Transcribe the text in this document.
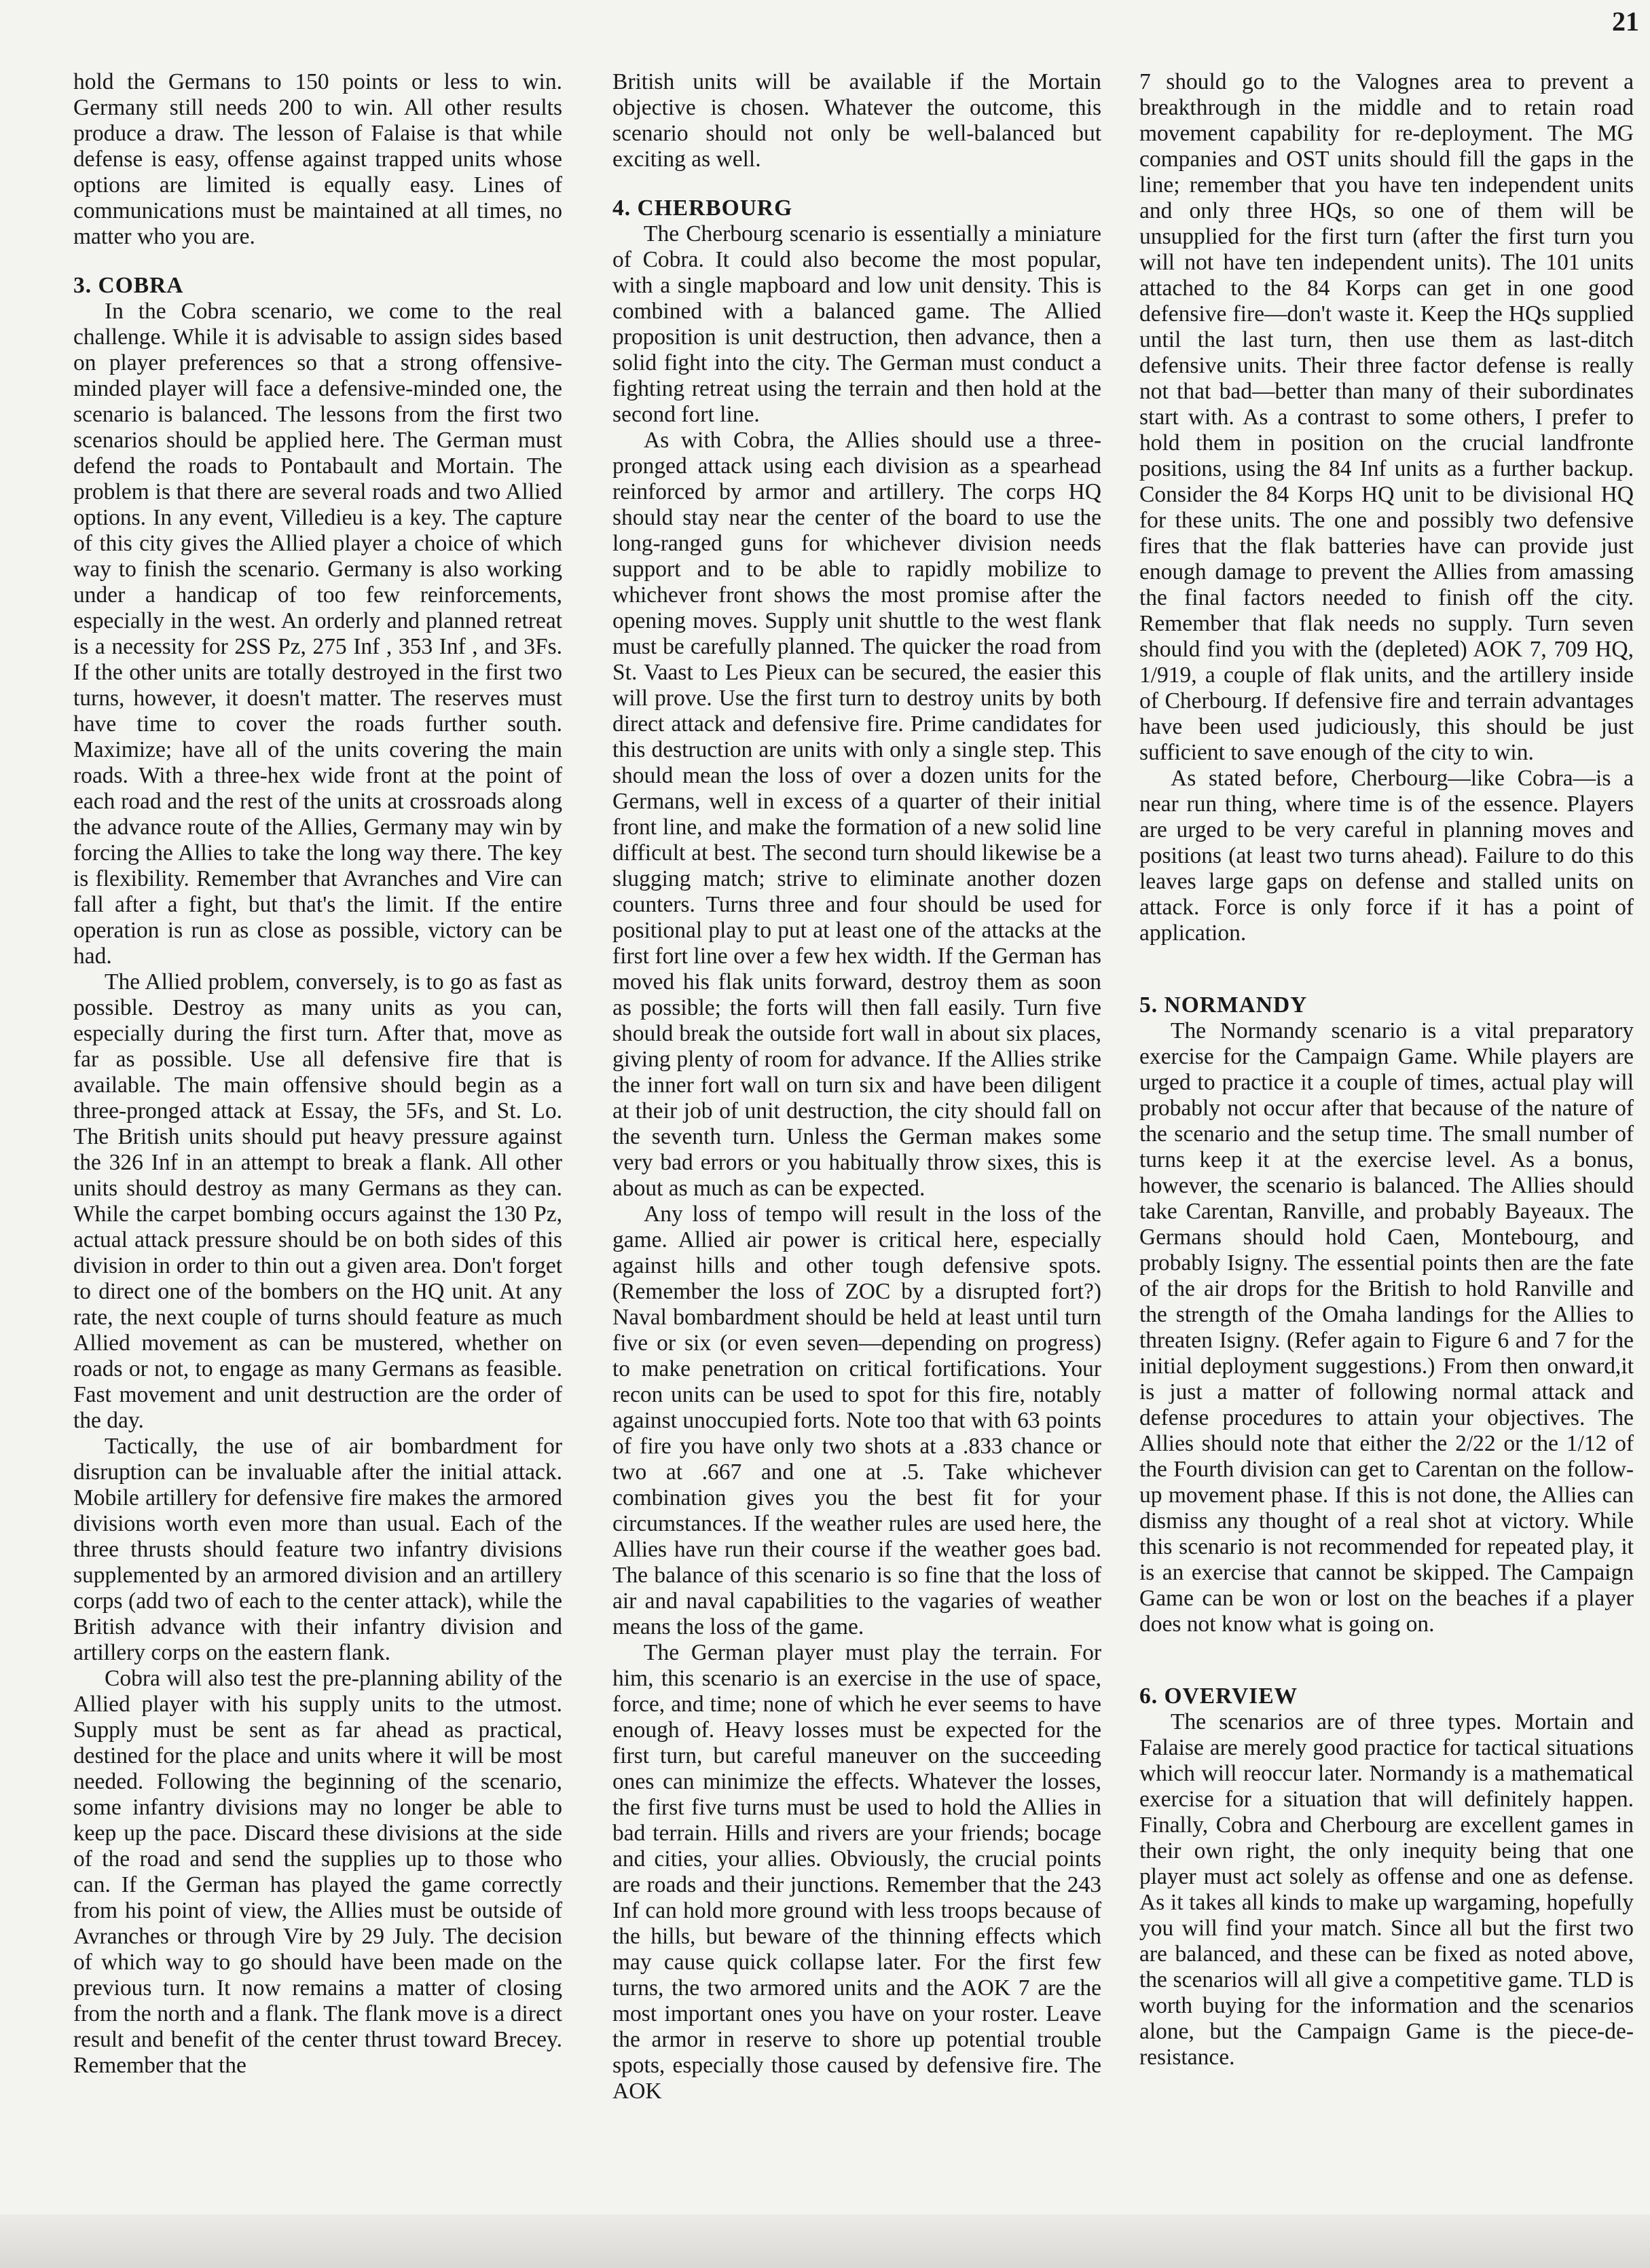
21

hold the Germans to 150 points or less to win. Germany still needs 200 to win. All other results produce a draw. The lesson of Falaise is that while defense is easy, offense against trapped units whose options are limited is equally easy. Lines of communications must be maintained at all times, no matter who you are.

3. COBRA

In the Cobra scenario, we come to the real challenge. While it is advisable to assign sides based on player preferences so that a strong offensive-minded player will face a defensive-minded one, the scenario is balanced. The lessons from the first two scenarios should be applied here. The German must defend the roads to Pontabault and Mortain. The problem is that there are several roads and two Allied options. In any event, Villedieu is a key. The capture of this city gives the Allied player a choice of which way to finish the scenario. Germany is also working under a handicap of too few reinforcements, especially in the west. An orderly and planned retreat is a necessity for 2SS Pz, 275 Inf , 353 Inf , and 3Fs. If the other units are totally destroyed in the first two turns, however, it doesn't matter. The reserves must have time to cover the roads further south. Maximize; have all of the units covering the main roads. With a three-hex wide front at the point of each road and the rest of the units at crossroads along the advance route of the Allies, Germany may win by forcing the Allies to take the long way there. The key is flexibility. Remember that Avranches and Vire can fall after a fight, but that's the limit. If the entire operation is run as close as possible, victory can be had.

The Allied problem, conversely, is to go as fast as possible. Destroy as many units as you can, especially during the first turn. After that, move as far as possible. Use all defensive fire that is available. The main offensive should begin as a three-pronged attack at Essay, the 5Fs, and St. Lo. The British units should put heavy pressure against the 326 Inf in an attempt to break a flank. All other units should destroy as many Germans as they can. While the carpet bombing occurs against the 130 Pz, actual attack pressure should be on both sides of this division in order to thin out a given area. Don't forget to direct one of the bombers on the HQ unit. At any rate, the next couple of turns should feature as much Allied movement as can be mustered, whether on roads or not, to engage as many Germans as feasible. Fast movement and unit destruction are the order of the day.

Tactically, the use of air bombardment for disruption can be invaluable after the initial attack. Mobile artillery for defensive fire makes the armored divisions worth even more than usual. Each of the three thrusts should feature two infantry divisions supplemented by an armored division and an artillery corps (add two of each to the center attack), while the British advance with their infantry division and artillery corps on the eastern flank.

Cobra will also test the pre-planning ability of the Allied player with his supply units to the utmost. Supply must be sent as far ahead as practical, destined for the place and units where it will be most needed. Following the beginning of the scenario, some infantry divisions may no longer be able to keep up the pace. Discard these divisions at the side of the road and send the supplies up to those who can. If the German has played the game correctly from his point of view, the Allies must be outside of Avranches or through Vire by 29 July. The decision of which way to go should have been made on the previous turn. It now remains a matter of closing from the north and a flank. The flank move is a direct result and benefit of the center thrust toward Brecey. Remember that the

British units will be available if the Mortain objective is chosen. Whatever the outcome, this scenario should not only be well-balanced but exciting as well.

4. CHERBOURG

The Cherbourg scenario is essentially a miniature of Cobra. It could also become the most popular, with a single mapboard and low unit density. This is combined with a balanced game. The Allied proposition is unit destruction, then advance, then a solid fight into the city. The German must conduct a fighting retreat using the terrain and then hold at the second fort line.

As with Cobra, the Allies should use a three-pronged attack using each division as a spearhead reinforced by armor and artillery. The corps HQ should stay near the center of the board to use the long-ranged guns for whichever division needs support and to be able to rapidly mobilize to whichever front shows the most promise after the opening moves. Supply unit shuttle to the west flank must be carefully planned. The quicker the road from St. Vaast to Les Pieux can be secured, the easier this will prove. Use the first turn to destroy units by both direct attack and defensive fire. Prime candidates for this destruction are units with only a single step. This should mean the loss of over a dozen units for the Germans, well in excess of a quarter of their initial front line, and make the formation of a new solid line difficult at best. The second turn should likewise be a slugging match; strive to eliminate another dozen counters. Turns three and four should be used for positional play to put at least one of the attacks at the first fort line over a few hex width. If the German has moved his flak units forward, destroy them as soon as possible; the forts will then fall easily. Turn five should break the outside fort wall in about six places, giving plenty of room for advance. If the Allies strike the inner fort wall on turn six and have been diligent at their job of unit destruction, the city should fall on the seventh turn. Unless the German makes some very bad errors or you habitually throw sixes, this is about as much as can be expected.

Any loss of tempo will result in the loss of the game. Allied air power is critical here, especially against hills and other tough defensive spots. (Remember the loss of ZOC by a disrupted fort?) Naval bombardment should be held at least until turn five or six (or even seven—depending on progress) to make penetration on critical fortifications. Your recon units can be used to spot for this fire, notably against unoccupied forts. Note too that with 63 points of fire you have only two shots at a .833 chance or two at .667 and one at .5. Take whichever combination gives you the best fit for your circumstances. If the weather rules are used here, the Allies have run their course if the weather goes bad. The balance of this scenario is so fine that the loss of air and naval capabilities to the vagaries of weather means the loss of the game.

The German player must play the terrain. For him, this scenario is an exercise in the use of space, force, and time; none of which he ever seems to have enough of. Heavy losses must be expected for the first turn, but careful maneuver on the succeeding ones can minimize the effects. Whatever the losses, the first five turns must be used to hold the Allies in bad terrain. Hills and rivers are your friends; bocage and cities, your allies. Obviously, the crucial points are roads and their junctions. Remember that the 243 Inf can hold more ground with less troops because of the hills, but beware of the thinning effects which may cause quick collapse later. For the first few turns, the two armored units and the AOK 7 are the most important ones you have on your roster. Leave the armor in reserve to shore up potential trouble spots, especially those caused by defensive fire. The AOK

7 should go to the Valognes area to prevent a breakthrough in the middle and to retain road movement capability for re-deployment. The MG companies and OST units should fill the gaps in the line; remember that you have ten independent units and only three HQs, so one of them will be unsupplied for the first turn (after the first turn you will not have ten independent units). The 101 units attached to the 84 Korps can get in one good defensive fire—don't waste it. Keep the HQs supplied until the last turn, then use them as last-ditch defensive units. Their three factor defense is really not that bad—better than many of their subordinates start with. As a contrast to some others, I prefer to hold them in position on the crucial landfronte positions, using the 84 Inf units as a further backup. Consider the 84 Korps HQ unit to be divisional HQ for these units. The one and possibly two defensive fires that the flak batteries have can provide just enough damage to prevent the Allies from amassing the final factors needed to finish off the city. Remember that flak needs no supply. Turn seven should find you with the (depleted) AOK 7, 709 HQ, 1/919, a couple of flak units, and the artillery inside of Cherbourg. If defensive fire and terrain advantages have been used judiciously, this should be just sufficient to save enough of the city to win.

As stated before, Cherbourg—like Cobra—is a near run thing, where time is of the essence. Players are urged to be very careful in planning moves and positions (at least two turns ahead). Failure to do this leaves large gaps on defense and stalled units on attack. Force is only force if it has a point of application.

5. NORMANDY

The Normandy scenario is a vital preparatory exercise for the Campaign Game. While players are urged to practice it a couple of times, actual play will probably not occur after that because of the nature of the scenario and the setup time. The small number of turns keep it at the exercise level. As a bonus, however, the scenario is balanced. The Allies should take Carentan, Ranville, and probably Bayeaux. The Germans should hold Caen, Montebourg, and probably Isigny. The essential points then are the fate of the air drops for the British to hold Ranville and the strength of the Omaha landings for the Allies to threaten Isigny. (Refer again to Figure 6 and 7 for the initial deployment suggestions.) From then onward,it is just a matter of following normal attack and defense procedures to attain your objectives. The Allies should note that either the 2/22 or the 1/12 of the Fourth division can get to Carentan on the follow-up movement phase. If this is not done, the Allies can dismiss any thought of a real shot at victory. While this scenario is not recommended for repeated play, it is an exercise that cannot be skipped. The Campaign Game can be won or lost on the beaches if a player does not know what is going on.

6. OVERVIEW

The scenarios are of three types. Mortain and Falaise are merely good practice for tactical situations which will reoccur later. Normandy is a mathematical exercise for a situation that will definitely happen. Finally, Cobra and Cherbourg are excellent games in their own right, the only inequity being that one player must act solely as offense and one as defense. As it takes all kinds to make up wargaming, hopefully you will find your match. Since all but the first two are balanced, and these can be fixed as noted above, the scenarios will all give a competitive game. TLD is worth buying for the information and the scenarios alone, but the Campaign Game is the piece-de-resistance.
